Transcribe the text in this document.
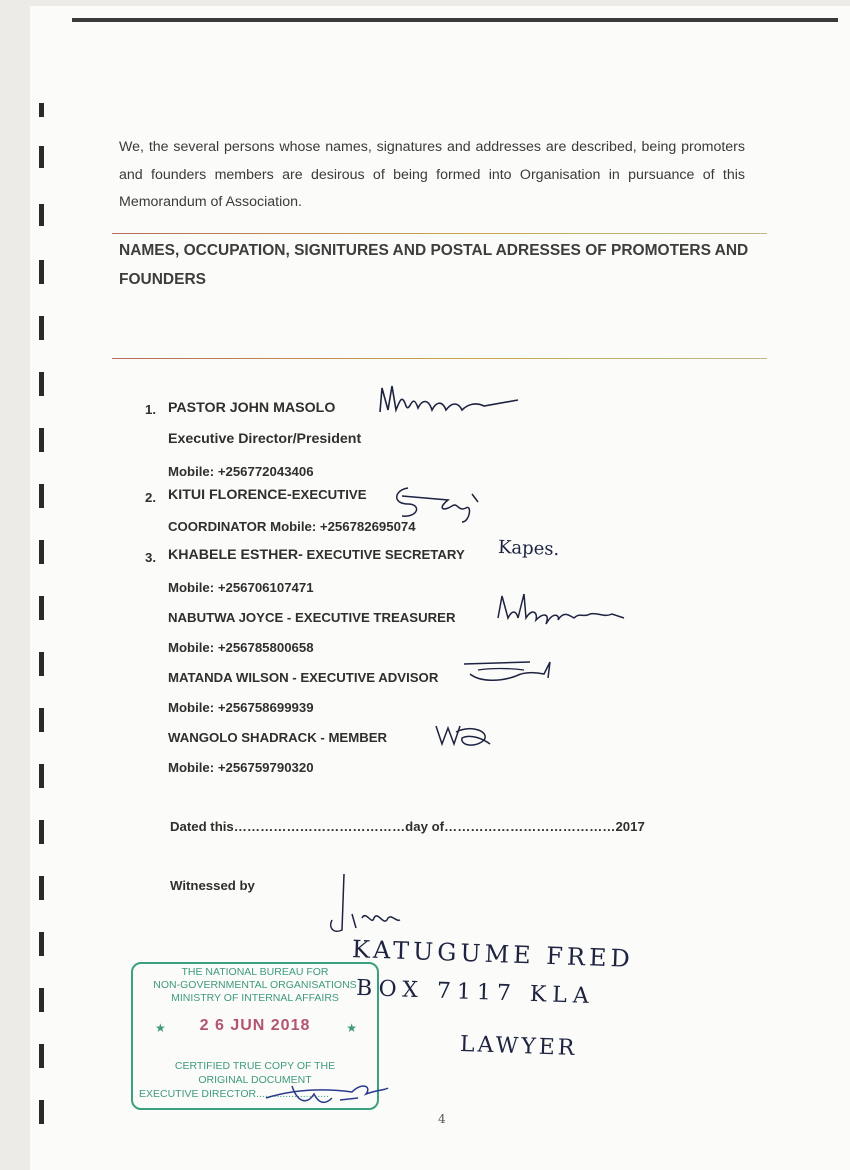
We, the several persons whose names, signatures and addresses are described, being promoters and founders members are desirous of being formed into Organisation in pursuance of this Memorandum of Association.
NAMES, OCCUPATION, SIGNITURES AND POSTAL ADRESSES OF PROMOTERS AND FOUNDERS
1. PASTOR JOHN MASOLO
Executive Director/President
Mobile: +256772043406
2. KITUI FLORENCE-EXECUTIVE
COORDINATOR Mobile: +256782695074
3. KHABELE ESTHER- EXECUTIVE SECRETARY
Mobile: +256706107471
Kapes.
NABUTWA JOYCE - EXECUTIVE TREASURER
Mobile: +256785800658
MATANDA WILSON - EXECUTIVE ADVISOR
Mobile: +256758699939
WANGOLO SHADRACK - MEMBER
Mobile: +256759790320
Dated this…………………………………day of…………………………………2017
Witnessed by
KATUGUME FRED
BOX 7117 KLA
LAWYER
THE NATIONAL BUREAU FOR
NON-GOVERNMENTAL ORGANISATIONS
MINISTRY OF INTERNAL AFFAIRS
★	2 6 JUN 2018	★
CERTIFIED TRUE COPY OF THE
ORIGINAL DOCUMENT
EXECUTIVE DIRECTOR.........................
4
